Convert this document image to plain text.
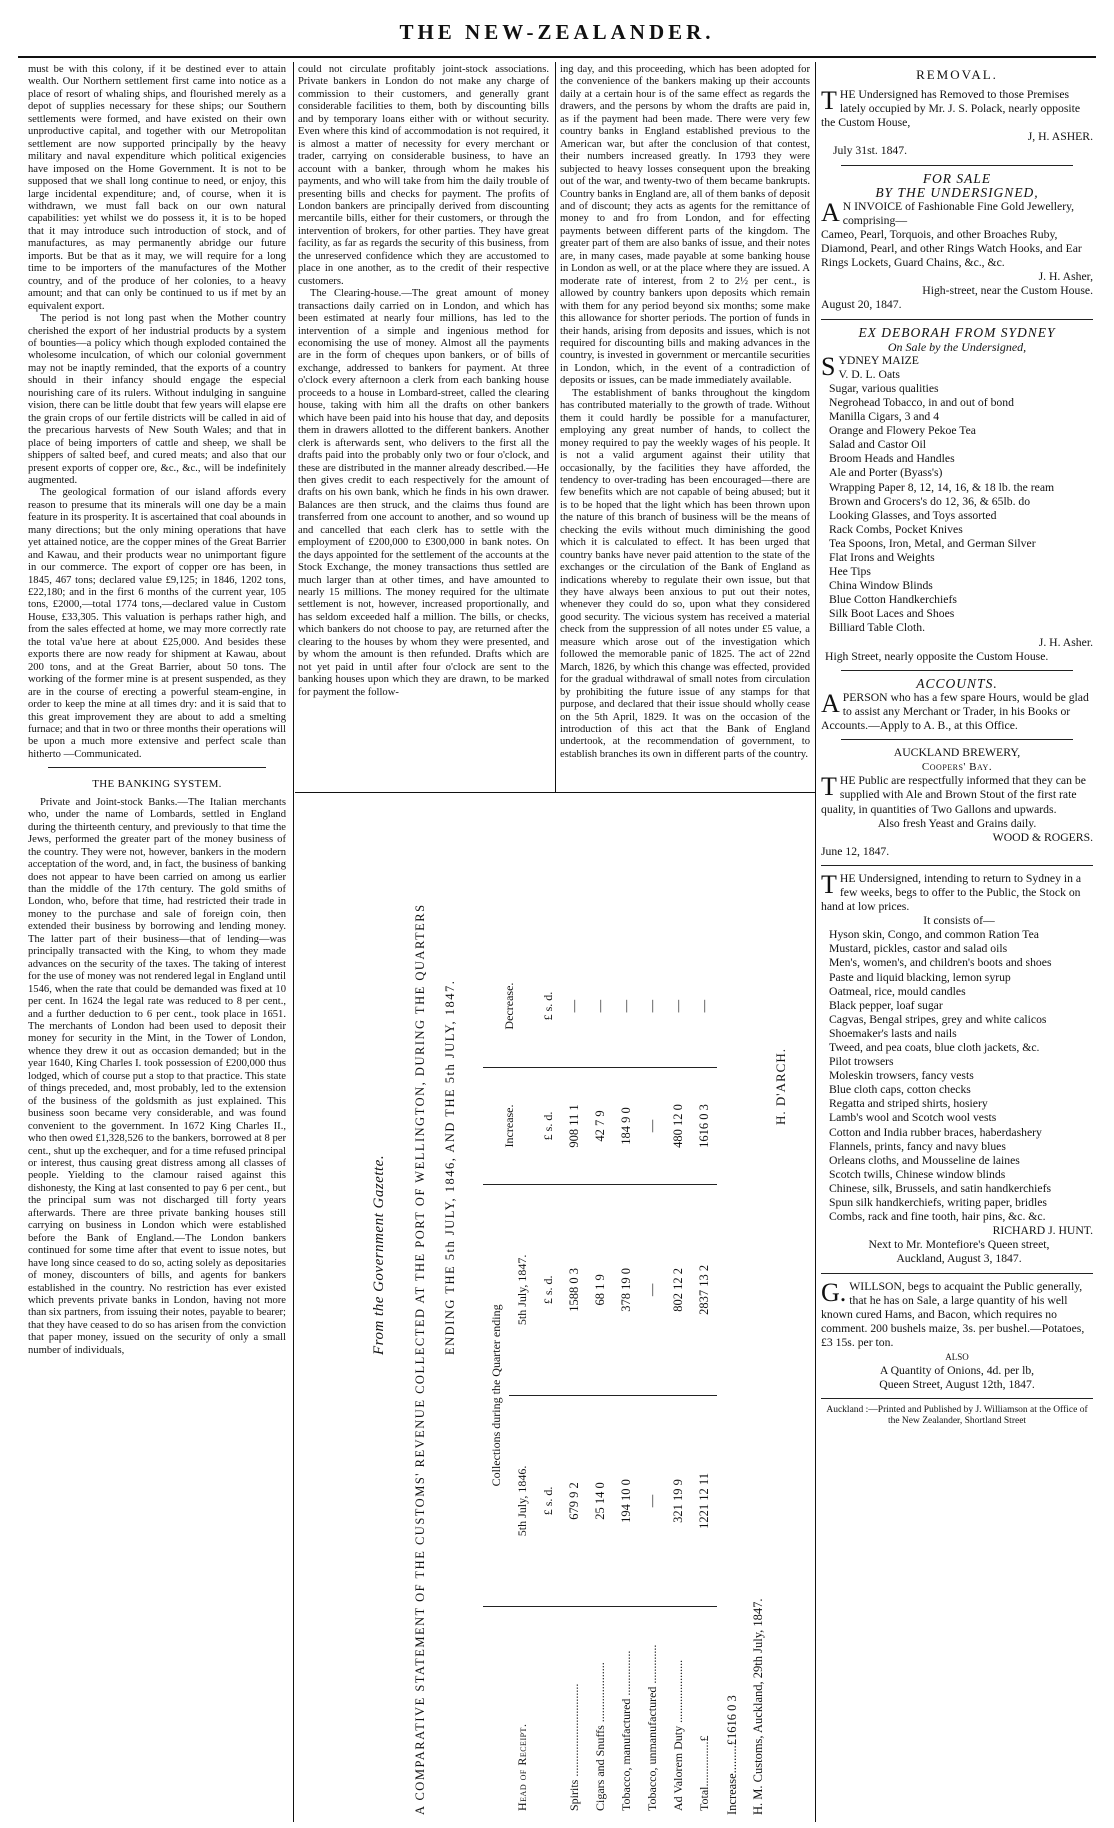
THE NEW-ZEALANDER.

must be with this colony, if it be destined ever to attain wealth. Our Northern settlement first came into notice as a place of resort of whaling ships, and flourished merely as a depot of supplies necessary for these ships; our Southern settlements were formed, and have existed on their own unproductive capital, and together with our Metropolitan settlement are now supported principally by the heavy military and naval expenditure which political exigencies have imposed on the Home Government. It is not to be supposed that we shall long continue to need, or enjoy, this large incidental expenditure; and, of course, when it is withdrawn, we must fall back on our own natural capabilities: yet whilst we do possess it, it is to be hoped that it may introduce such introduction of stock, and of manufactures, as may permanently abridge our future imports. But be that as it may, we will require for a long time to be importers of the manufactures of the Mother country, and of the produce of her colonies, to a heavy amount; and that can only be continued to us if met by an equivalent export.

The period is not long past when the Mother country cherished the export of her industrial products by a system of bounties—a policy which though exploded contained the wholesome inculcation, of which our colonial government may not be inaptly reminded, that the exports of a country should in their infancy should engage the especial nourishing care of its rulers. Without indulging in sanguine vision, there can be little doubt that few years will elapse ere the grain crops of our fertile districts will be called in aid of the precarious harvests of New South Wales; and that in place of being importers of cattle and sheep, we shall be shippers of salted beef, and cured meats; and also that our present exports of copper ore, &c., &c., will be indefinitely augmented.

The geological formation of our island affords every reason to presume that its minerals will one day be a main feature in its prosperity. It is ascertained that coal abounds in many directions; but the only mining operations that have yet attained notice, are the copper mines of the Great Barrier and Kawau, and their products wear no unimportant figure in our commerce. The export of copper ore has been, in 1845, 467 tons; declared value £9,125; in 1846, 1202 tons, £22,180; and in the first 6 months of the current year, 105 tons, £2000,—total 1774 tons,—declared value in Custom House, £33,305. This valuation is perhaps rather high, and from the sales effected at home, we may more correctly rate the total va'ue here at about £25,000. And besides these exports there are now ready for shipment at Kawau, about 200 tons, and at the Great Barrier, about 50 tons. The working of the former mine is at present suspended, as they are in the course of erecting a powerful steam-engine, in order to keep the mine at all times dry: and it is said that to this great improvement they are about to add a smelting furnace; and that in two or three months their operations will be upon a much more extensive and perfect scale than hitherto —Communicated.

THE BANKING SYSTEM.

Private and Joint-stock Banks.—The Italian merchants who, under the name of Lombards, settled in England during the thirteenth century, and previously to that time the Jews, performed the greater part of the money business of the country. They were not, however, bankers in the modern acceptation of the word, and, in fact, the business of banking does not appear to have been carried on among us earlier than the middle of the 17th century. The gold smiths of London, who, before that time, had restricted their trade in money to the purchase and sale of foreign coin, then extended their business by borrowing and lending money. The latter part of their business—that of lending—was principally transacted with the King, to whom they made advances on the security of the taxes. The taking of interest for the use of money was not rendered legal in England until 1546, when the rate that could be demanded was fixed at 10 per cent. In 1624 the legal rate was reduced to 8 per cent., and a further deduction to 6 per cent., took place in 1651. The merchants of London had been used to deposit their money for security in the Mint, in the Tower of London, whence they drew it out as occasion demanded; but in the year 1640, King Charles I. took possession of £200,000 thus lodged, which of course put a stop to that practice. This state of things preceded, and, most probably, led to the extension of the business of the goldsmith as just explained. This business soon became very considerable, and was found convenient to the government. In 1672 King Charles II., who then owed £1,328,526 to the bankers, borrowed at 8 per cent., shut up the exchequer, and for a time refused principal or interest, thus causing great distress among all classes of people. Yielding to the clamour raised against this dishonesty, the King at last consented to pay 6 per cent., but the principal sum was not discharged till forty years afterwards. There are three private banking houses still carrying on business in London which were established before the Bank of England.—The London bankers continued for some time after that event to issue notes, but have long since ceased to do so, acting solely as depositaries of money, discounters of bills, and agents for bankers established in the country. No restriction has ever existed which prevents private banks in London, having not more than six partners, from issuing their notes, payable to bearer; that they have ceased to do so has arisen from the conviction that paper money, issued on the security of only a small number of individuals,

could not circulate profitably joint-stock associations. Private bankers in London do not make any charge of commission to their customers, and generally grant considerable facilities to them, both by discounting bills and by temporary loans either with or without security. Even where this kind of accommodation is not required, it is almost a matter of necessity for every merchant or trader, carrying on considerable business, to have an account with a banker, through whom he makes his payments, and who will take from him the daily trouble of presenting bills and checks for payment. The profits of London bankers are principally derived from discounting mercantile bills, either for their customers, or through the intervention of brokers, for other parties. They have great facility, as far as regards the security of this business, from the unreserved confidence which they are accustomed to place in one another, as to the credit of their respective customers.

The Clearing-house.—The great amount of money transactions daily carried on in London, and which has been estimated at nearly four millions, has led to the intervention of a simple and ingenious method for economising the use of money. Almost all the payments are in the form of cheques upon bankers, or of bills of exchange, addressed to bankers for payment. At three o'clock every afternoon a clerk from each banking house proceeds to a house in Lombard-street, called the clearing house, taking with him all the drafts on other bankers which have been paid into his house that day, and deposits them in drawers allotted to the different bankers. Another clerk is afterwards sent, who delivers to the first all the drafts paid into the probably only two or four o'clock, and these are distributed in the manner already described.—He then gives credit to each respectively for the amount of drafts on his own bank, which he finds in his own drawer. Balances are then struck, and the claims thus found are transferred from one account to another, and so wound up and cancelled that each clerk has to settle with the employment of £200,000 to £300,000 in bank notes. On the days appointed for the settlement of the accounts at the Stock Exchange, the money transactions thus settled are much larger than at other times, and have amounted to nearly 15 millions. The money required for the ultimate settlement is not, however, increased proportionally, and has seldom exceeded half a million. The bills, or checks, which bankers do not choose to pay, are returned after the clearing to the houses by whom they were presented, and by whom the amount is then refunded. Drafts which are not yet paid in until after four o'clock are sent to the banking houses upon which they are drawn, to be marked for payment the follow-

ing day, and this proceeding, which has been adopted for the convenience of the bankers making up their accounts daily at a certain hour is of the same effect as regards the drawers, and the persons by whom the drafts are paid in, as if the payment had been made. There were very few country banks in England established previous to the American war, but after the conclusion of that contest, their numbers increased greatly. In 1793 they were subjected to heavy losses consequent upon the breaking out of the war, and twenty-two of them became bankrupts. Country banks in England are, all of them banks of deposit and of discount; they acts as agents for the remittance of money to and fro from London, and for effecting payments between different parts of the kingdom. The greater part of them are also banks of issue, and their notes are, in many cases, made payable at some banking house in London as well, or at the place where they are issued. A moderate rate of interest, from 2 to 2½ per cent., is allowed by country bankers upon deposits which remain with them for any period beyond six months; some make this allowance for shorter periods. The portion of funds in their hands, arising from deposits and issues, which is not required for discounting bills and making advances in the country, is invested in government or mercantile securities in London, which, in the event of a contradiction of deposits or issues, can be made immediately available.

The establishment of banks throughout the kingdom has contributed materially to the growth of trade. Without them it could hardly be possible for a manufacturer, employing any great number of hands, to collect the money required to pay the weekly wages of his people. It is not a valid argument against their utility that occasionally, by the facilities they have afforded, the tendency to over-trading has been encouraged—there are few benefits which are not capable of being abused; but it is to be hoped that the light which has been thrown upon the nature of this branch of business will be the means of checking the evils without much diminishing the good which it is calculated to effect. It has been urged that country banks have never paid attention to the state of the exchanges or the circulation of the Bank of England as indications whereby to regulate their own issue, but that they have always been anxious to put out their notes, whenever they could do so, upon what they considered good security. The vicious system has received a material check from the suppression of all notes under £5 value, a measure which arose out of the investigation which followed the memorable panic of 1825. The act of 22nd March, 1826, by which this change was effected, provided for the gradual withdrawal of small notes from circulation by prohibiting the future issue of any stamps for that purpose, and declared that their issue should wholly cease on the 5th April, 1829. It was on the occasion of the introduction of this act that the Bank of England undertook, at the recommendation of government, to establish branches its own in different parts of the country.

From the Government Gazette. A COMPARATIVE STATEMENT OF THE CUSTOMS' REVENUE COLLECTED AT THE PORT OF WELLINGTON, DURING THE QUARTERS ENDING THE 5th JULY, 1846, AND THE 5th JULY, 1847.
Head of Receipt.	Collections during the Quarter ending		Increase.	Decrease.
	5th July, 1846.	5th July, 1847.		
	£ s. d.	£ s. d.	£ s. d.	£ s. d.
Spirits ...............................	679 9 2	1588 0 3	908 11 1	—
Cigars and Snuffs ....................	25 14 0	68 1 9	42 7 9	—
Tobacco, manufactured ...............	194 10 0	378 19 0	184 9 0	—
Tobacco, unmanufactured .............	—	—	—	—
Ad Valorem Duty .....................	321 19 9	802 12 2	480 12 0	—
Total...............£	1221 12 11	2837 13 2	1616 0 3	—
Increase.........£1616 0 3 H. M. Customs, Auckland, 29th July, 1847.
H. D'ARCH.
REMOVAL.

THE Undersigned has Removed to those Premises lately occupied by Mr. J. S. Polack, nearly opposite the Custom House,

J, H. ASHER.
July 31st. 1847.
FOR SALE
BY THE UNDERSIGNED,

A N INVOICE of Fashionable Fine Gold Jewellery, comprising—

Cameo, Pearl, Torquois, and other Broaches Ruby, Diamond, Pearl, and other Rings Watch Hooks, and Ear Rings Lockets, Guard Chains, &c., &c.

J. H. Asher,
High-street, near the Custom House.
August 20, 1847.
EX DEBORAH FROM SYDNEY
On Sale by the Undersigned,

SYDNEY MAIZE

V. D. L. Oats
Sugar, various qualities
Negrohead Tobacco, in and out of bond
Manilla Cigars, 3 and 4
Orange and Flowery Pekoe Tea
Salad and Castor Oil
Broom Heads and Handles
Ale and Porter (Byass's)
Wrapping Paper 8, 12, 14, 16, & 18 lb. the ream
Brown and Grocers's do 12, 36, & 65lb. do
Looking Glasses, and Toys assorted
Rack Combs, Pocket Knives
Tea Spoons, Iron, Metal, and German Silver
Flat Irons and Weights
Hee Tips
China Window Blinds
Blue Cotton Handkerchiefs
Silk Boot Laces and Shoes
Billiard Table Cloth.
J. H. Asher.
High Street, nearly opposite the Custom House.
ACCOUNTS.

APERSON who has a few spare Hours, would be glad to assist any Merchant or Trader, in his Books or Accounts.—Apply to A. B., at this Office.

AUCKLAND BREWERY,
Coopers' Bay.

THE Public are respectfully informed that they can be supplied with Ale and Brown Stout of the first rate quality, in quantities of Two Gallons and upwards.

Also fresh Yeast and Grains daily.
WOOD & ROGERS.
June 12, 1847.

THE Undersigned, intending to return to Sydney in a few weeks, begs to offer to the Public, the Stock on hand at low prices.

It consists of—
Hyson skin, Congo, and common Ration Tea
Mustard, pickles, castor and salad oils
Men's, women's, and children's boots and shoes
Paste and liquid blacking, lemon syrup
Oatmeal, rice, mould candles
Black pepper, loaf sugar
Cagvas, Bengal stripes, grey and white calicos
Shoemaker's lasts and nails
Tweed, and pea coats, blue cloth jackets, &c.
Pilot trowsers
Moleskin trowsers, fancy vests
Blue cloth caps, cotton checks
Regatta and striped shirts, hosiery
Lamb's wool and Scotch wool vests
Cotton and India rubber braces, haberdashery
Flannels, prints, fancy and navy blues
Orleans cloths, and Mousseline de laines
Scotch twills, Chinese window blinds
Chinese, silk, Brussels, and satin handkerchiefs
Spun silk handkerchiefs, writing paper, bridles
Combs, rack and fine tooth, hair pins, &c. &c.
RICHARD J. HUNT.
Next to Mr. Montefiore's Queen street,
Auckland, August 3, 1847.

G. WILLSON, begs to acquaint the Public generally, that he has on Sale, a large quantity of his well known cured Hams, and Bacon, which requires no comment. 200 bushels maize, 3s. per bushel.—Potatoes, £3 15s. per ton.

ALSO
A Quantity of Onions, 4d. per lb,
Queen Street, August 12th, 1847.
Auckland :—Printed and Published by J. Williamson at the Office of the New Zealander, Shortland Street
